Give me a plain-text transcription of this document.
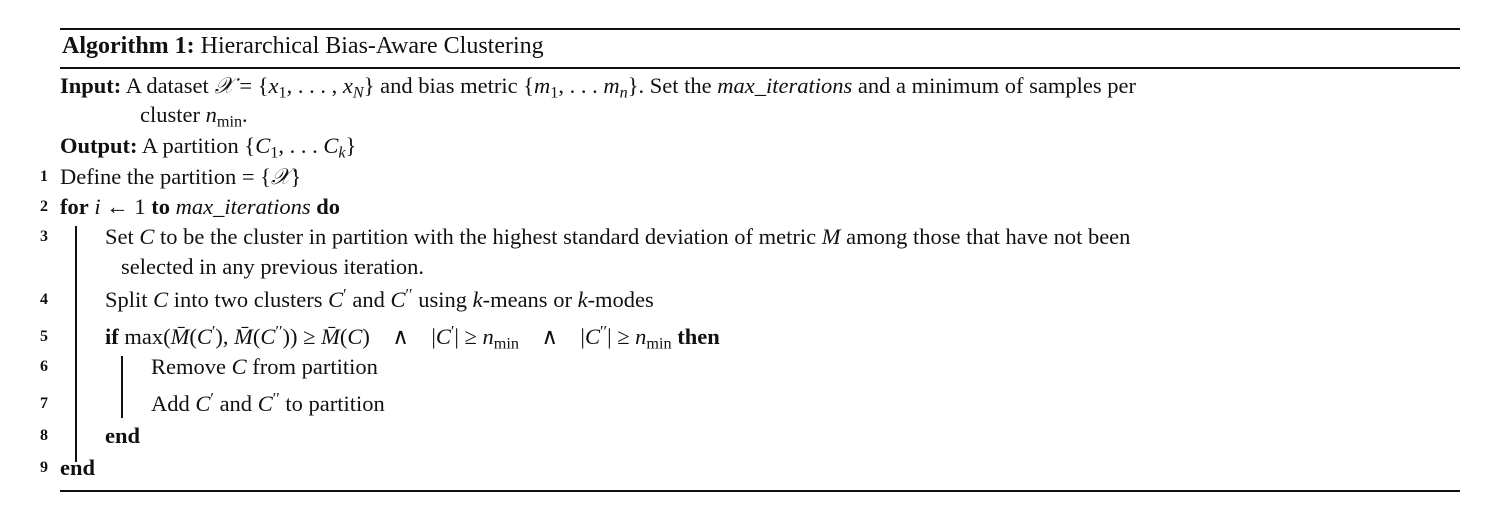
Algorithm 1: Hierarchical Bias-Aware Clustering
Input: A dataset 𝒳 = {$x_1$, . . . , $x_N$} and bias metric {$m_1$, . . . $m_n$}. Set the max_iterations and a minimum of samples per
cluster $n_{min}$.
Output: A partition {$C_1$, . . . $C_k$}
1 Define the partition = {𝒳}
2 for i ← 1 to max_iterations do
3	Set C to be the cluster in partition with the highest standard deviation of metric M among those that have not been
selected in any previous iteration.
4	Split C into two clusters C′ and C′′ using k-means or k-modes
5	if max(M̄(C′), M̄(C′′)) ≥ M̄(C)    ∧    $|C'| \ge n_{min}$    ∧    $|C''| \ge n_{min}$ then
6	Remove C from partition
7	Add C′ and C′′ to partition
8	end
9 end
